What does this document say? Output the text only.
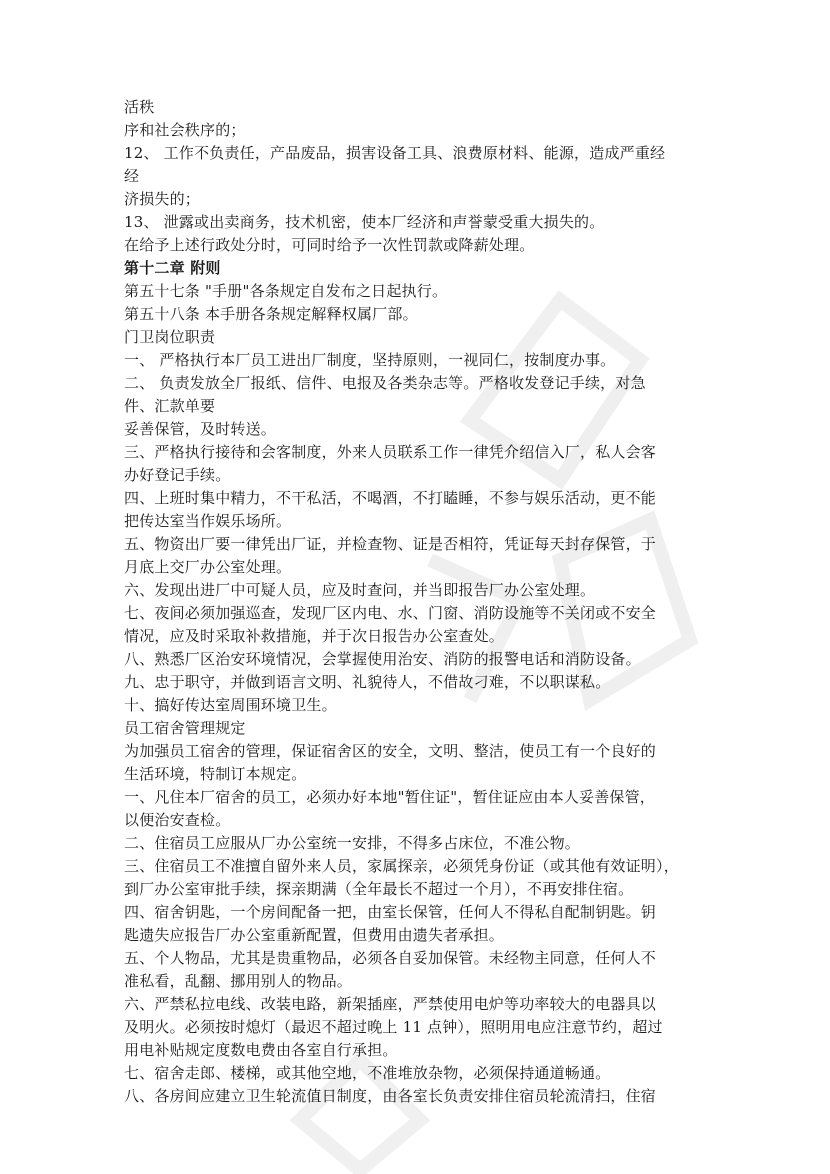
活秩
序和社会秩序的；
12、 工作不负责任，产品废品，损害设备工具、浪费原材料、能源，造成严重经
经
济损失的；
13、 泄露或出卖商务，技术机密，使本厂经济和声誉蒙受重大损失的。
在给予上述行政处分时，可同时给予一次性罚款或降薪处理。
第十二章 附则
第五十七条 "手册"各条规定自发布之日起执行。
第五十八条 本手册各条规定解释权属厂部。
门卫岗位职责
一、 严格执行本厂员工进出厂制度，坚持原则，一视同仁，按制度办事。
二、 负责发放全厂报纸、信件、电报及各类杂志等。严格收发登记手续，对急
件、汇款单要
妥善保管，及时转送。
三、严格执行接待和会客制度，外来人员联系工作一律凭介绍信入厂，私人会客
办好登记手续。
四、上班时集中精力，不干私活，不喝酒，不打瞌睡，不参与娱乐活动，更不能
把传达室当作娱乐场所。
五、物资出厂要一律凭出厂证，并检查物、证是否相符，凭证每天封存保管，于
月底上交厂办公室处理。
六、发现出进厂中可疑人员，应及时查问，并当即报告厂办公室处理。
七、夜间必须加强巡查，发现厂区内电、水、门窗、消防设施等不关闭或不安全
情况，应及时采取补救措施，并于次日报告办公室查处。
八、熟悉厂区治安环境情况，会掌握使用治安、消防的报警电话和消防设备。
九、忠于职守，并做到语言文明、礼貌待人，不借故刁难，不以职谋私。
十、搞好传达室周围环境卫生。
员工宿舍管理规定
为加强员工宿舍的管理，保证宿舍区的安全，文明、整洁，使员工有一个良好的
生活环境，特制订本规定。
一、凡住本厂宿舍的员工，必须办好本地"暂住证"，暂住证应由本人妥善保管，
以便治安查检。
二、住宿员工应服从厂办公室统一安排，不得多占床位，不准公物。
三、住宿员工不准擅自留外来人员，家属探亲，必须凭身份证（或其他有效证明），
到厂办公室审批手续，探亲期满（全年最长不超过一个月），不再安排住宿。
四、宿舍钥匙，一个房间配备一把，由室长保管，任何人不得私自配制钥匙。钥
匙遗失应报告厂办公室重新配置，但费用由遗失者承担。
五、个人物品，尤其是贵重物品，必须各自妥加保管。未经物主同意，任何人不
准私看，乱翻、挪用别人的物品。
六、严禁私拉电线、改装电路，新架插座，严禁使用电炉等功率较大的电器具以
及明火。必须按时熄灯（最迟不超过晚上 11 点钟），照明用电应注意节约，超过
用电补贴规定度数电费由各室自行承担。
七、宿舍走郎、楼梯，或其他空地，不准堆放杂物，必须保持通道畅通。
八、各房间应建立卫生轮流值日制度，由各室长负责安排住宿员轮流清扫，住宿
